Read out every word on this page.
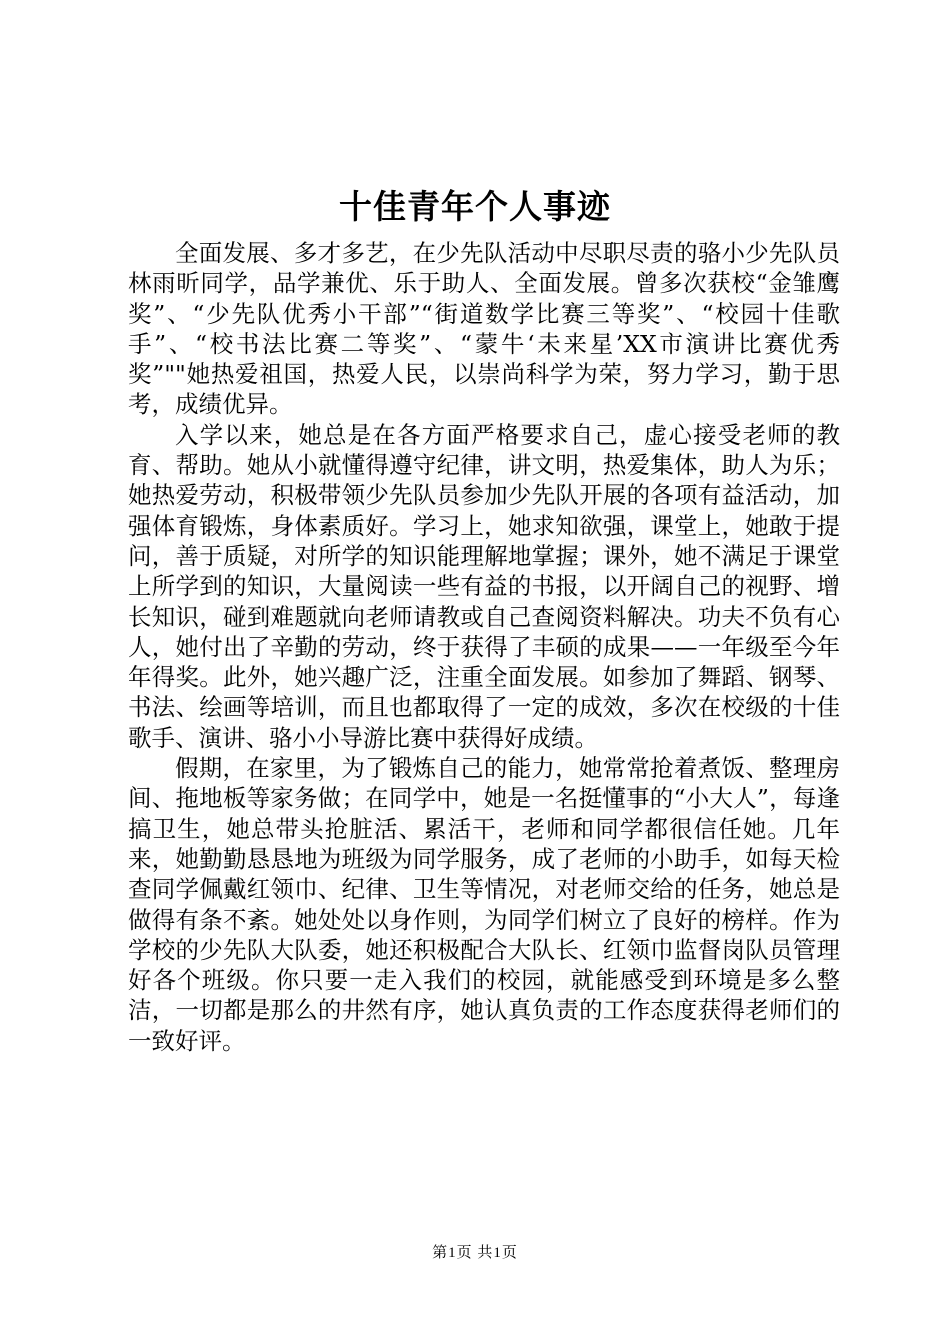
十佳青年个人事迹

全面发展、多才多艺，在少先队活动中尽职尽责的骆小少先队员林雨昕同学，品学兼优、乐于助人、全面发展。曾多次获校“金雏鹰奖”、“少先队优秀小干部”“街道数学比赛三等奖”、“校园十佳歌手”、“校书法比赛二等奖”、“蒙牛‘未来星’XX市演讲比赛优秀奖”""她热爱祖国，热爱人民，以崇尚科学为荣，努力学习，勤于思考，成绩优异。

入学以来，她总是在各方面严格要求自己，虚心接受老师的教育、帮助。她从小就懂得遵守纪律，讲文明，热爱集体，助人为乐；她热爱劳动，积极带领少先队员参加少先队开展的各项有益活动，加强体育锻炼，身体素质好。学习上，她求知欲强，课堂上，她敢于提问，善于质疑，对所学的知识能理解地掌握；课外，她不满足于课堂上所学到的知识，大量阅读一些有益的书报，以开阔自己的视野、增长知识，碰到难题就向老师请教或自己查阅资料解决。功夫不负有心人，她付出了辛勤的劳动，终于获得了丰硕的成果——一年级至今年年得奖。此外，她兴趣广泛，注重全面发展。如参加了舞蹈、钢琴、书法、绘画等培训，而且也都取得了一定的成效，多次在校级的十佳歌手、演讲、骆小小导游比赛中获得好成绩。

假期，在家里，为了锻炼自己的能力，她常常抢着煮饭、整理房间、拖地板等家务做；在同学中，她是一名挺懂事的“小大人”，每逢搞卫生，她总带头抢脏活、累活干，老师和同学都很信任她。几年来，她勤勤恳恳地为班级为同学服务，成了老师的小助手，如每天检查同学佩戴红领巾、纪律、卫生等情况，对老师交给的任务，她总是做得有条不紊。她处处以身作则，为同学们树立了良好的榜样。作为学校的少先队大队委，她还积极配合大队长、红领巾监督岗队员管理好各个班级。你只要一走入我们的校园，就能感受到环境是多么整洁，一切都是那么的井然有序，她认真负责的工作态度获得老师们的一致好评。

第1页 共1页
